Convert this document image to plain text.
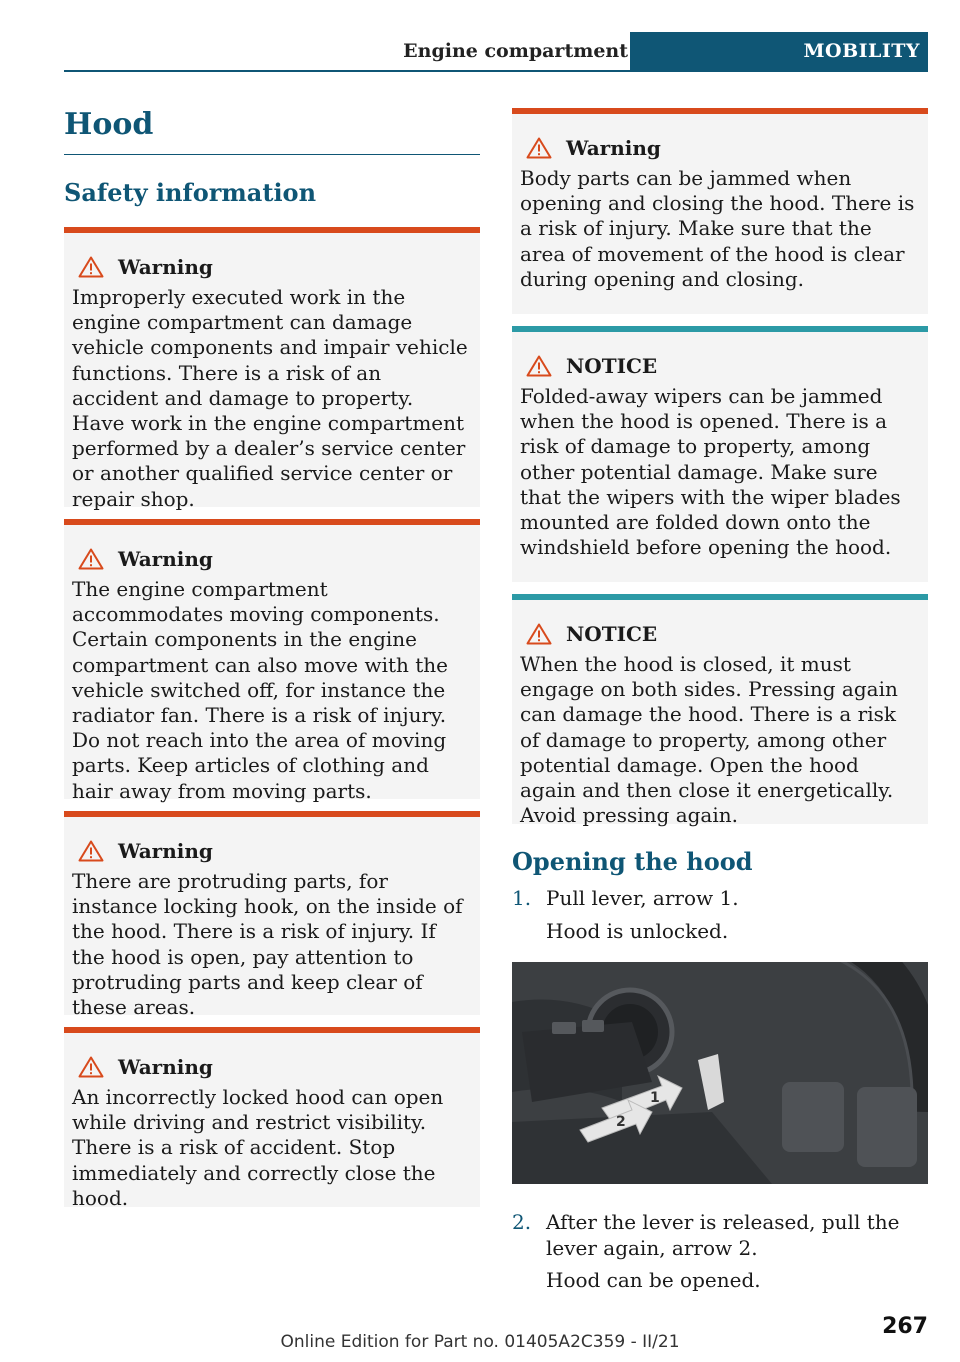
Engine compartment	MOBILITY
Hood
Safety information
Warning

Improperly executed work in the engine compartment can damage vehicle components and impair vehicle functions. There is a risk of an accident and damage to property. Have work in the engine compartment performed by a dealer’s service center or another qualified service center or repair shop.

Warning

The engine compartment accommodates moving components. Certain components in the engine compartment can also move with the vehicle switched off, for instance the radiator fan. There is a risk of injury. Do not reach into the area of moving parts. Keep articles of clothing and hair away from moving parts.

Warning

There are protruding parts, for instance locking hook, on the inside of the hood. There is a risk of injury. If the hood is open, pay attention to protruding parts and keep clear of these areas.

Warning

An incorrectly locked hood can open while driving and restrict visibility. There is a risk of accident. Stop immediately and correctly close the hood.

Warning

Body parts can be jammed when opening and closing the hood. There is a risk of injury. Make sure that the area of movement of the hood is clear during opening and closing.

NOTICE

Folded-away wipers can be jammed when the hood is opened. There is a risk of damage to property, among other potential damage. Make sure that the wipers with the wiper blades mounted are folded down onto the windshield before opening the hood.

NOTICE

When the hood is closed, it must engage on both sides. Pressing again can damage the hood. There is a risk of damage to property, among other potential damage. Open the hood again and then close it energetically. Avoid pressing again.

Opening the hood
1. Pull lever, arrow 1.
Hood is unlocked.
1
2
2. After the lever is released, pull the lever again, arrow 2.
Hood can be opened.
267
Online Edition for Part no. 01405A2C359 - II/21
